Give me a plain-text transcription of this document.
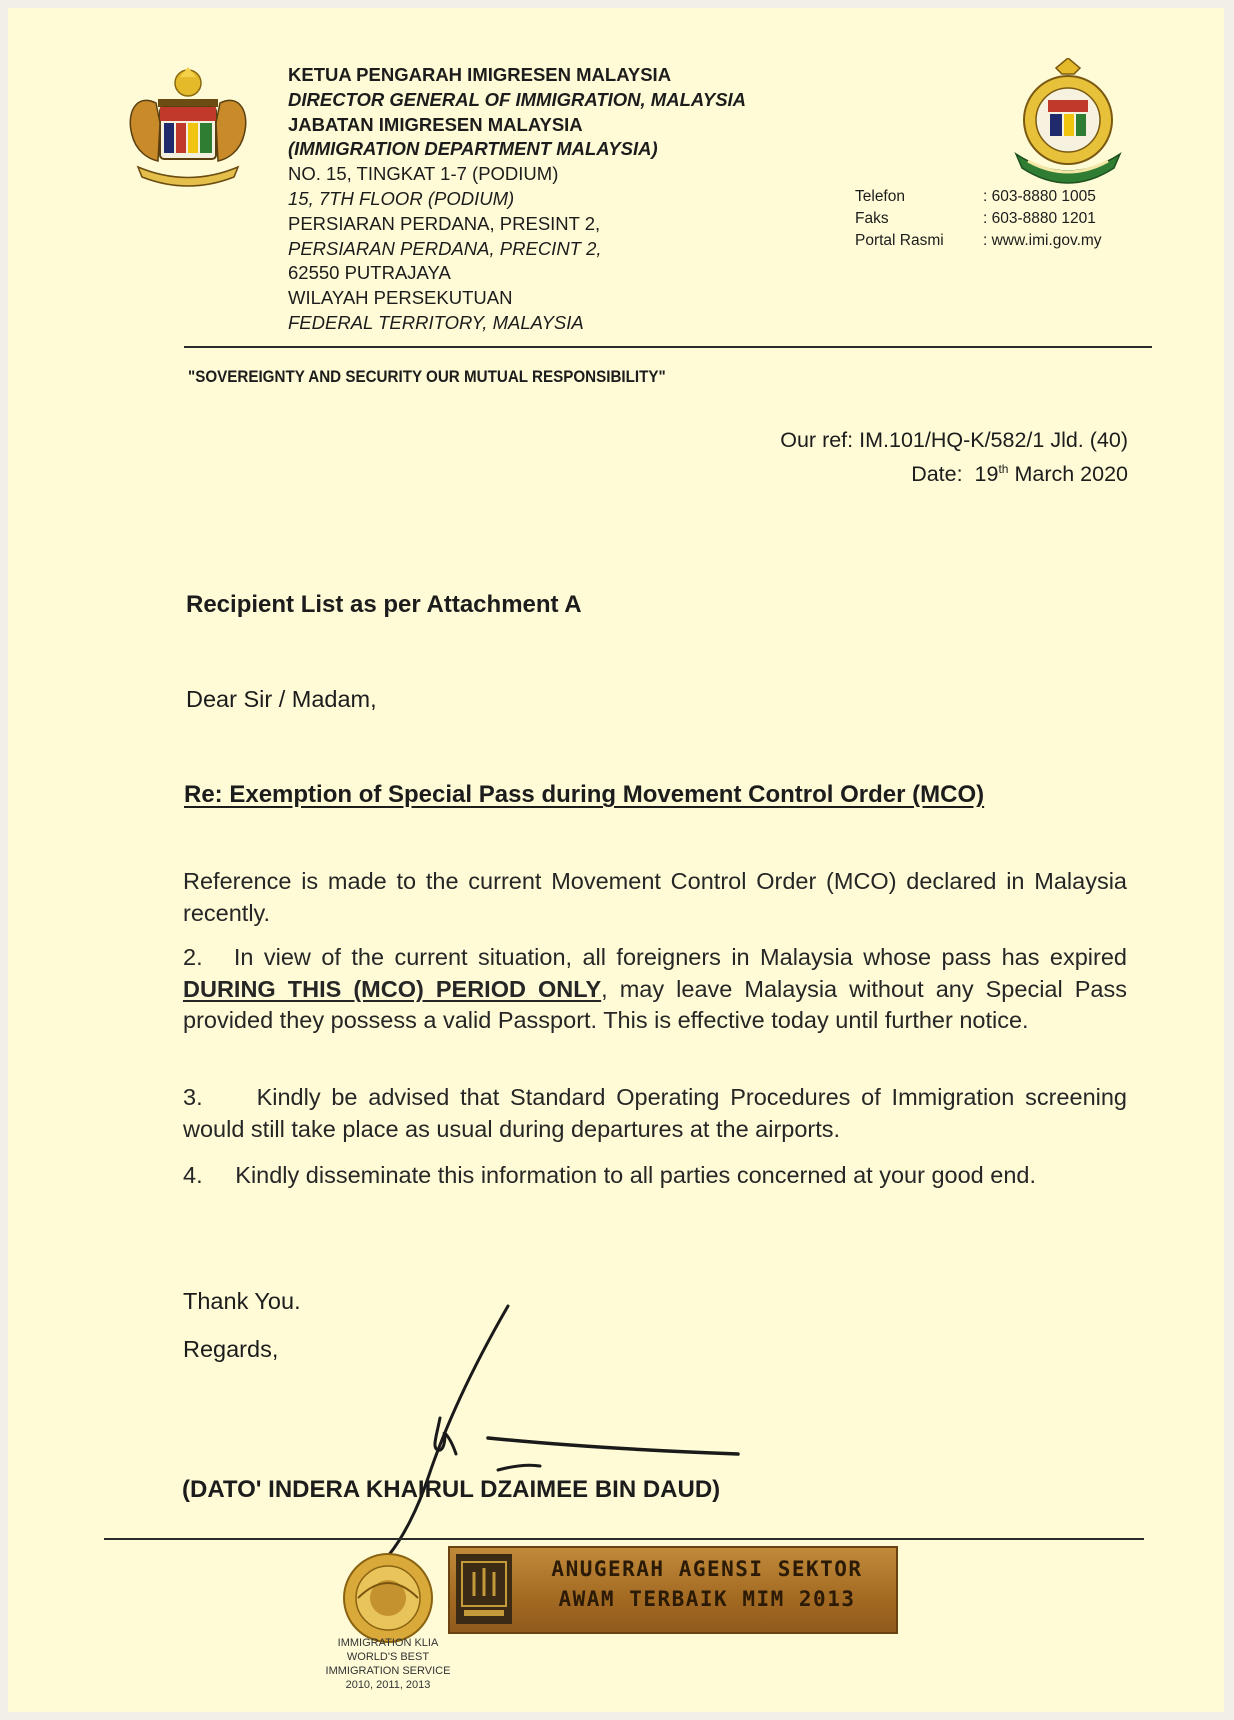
KETUA PENGARAH IMIGRESEN MALAYSIA
DIRECTOR GENERAL OF IMMIGRATION, MALAYSIA
JABATAN IMIGRESEN MALAYSIA
(IMMIGRATION DEPARTMENT MALAYSIA)
NO. 15, TINGKAT 1-7 (PODIUM)
15, 7TH FLOOR (PODIUM)
PERSIARAN PERDANA, PRESINT 2,
PERSIARAN PERDANA, PRECINT 2,
62550 PUTRAJAYA
WILAYAH PERSEKUTUAN
FEDERAL TERRITORY, MALAYSIA
Telefon	: 603-8880 1005
Faks	: 603-8880 1201
Portal Rasmi	: www.imi.gov.my
"SOVEREIGNTY AND SECURITY OUR MUTUAL RESPONSIBILITY"
Our ref: IM.101/HQ-K/582/1 Jld. (40)
Date: 19th March 2020
Recipient List as per Attachment A
Dear Sir / Madam,
Re: Exemption of Special Pass during Movement Control Order (MCO)
Reference is made to the current Movement Control Order (MCO) declared in Malaysia recently.
2. In view of the current situation, all foreigners in Malaysia whose pass has expired DURING THIS (MCO) PERIOD ONLY, may leave Malaysia without any Special Pass provided they possess a valid Passport. This is effective today until further notice.
3. Kindly be advised that Standard Operating Procedures of Immigration screening would still take place as usual during departures at the airports.
4. Kindly disseminate this information to all parties concerned at your good end.
Thank You.
Regards,
(DATO' INDERA KHAIRUL DZAIMEE BIN DAUD)
IMMIGRATION KLIA
WORLD'S BEST
IMMIGRATION SERVICE
2010, 2011, 2013
ANUGERAH AGENSI SEKTOR
AWAM TERBAIK MIM 2013
